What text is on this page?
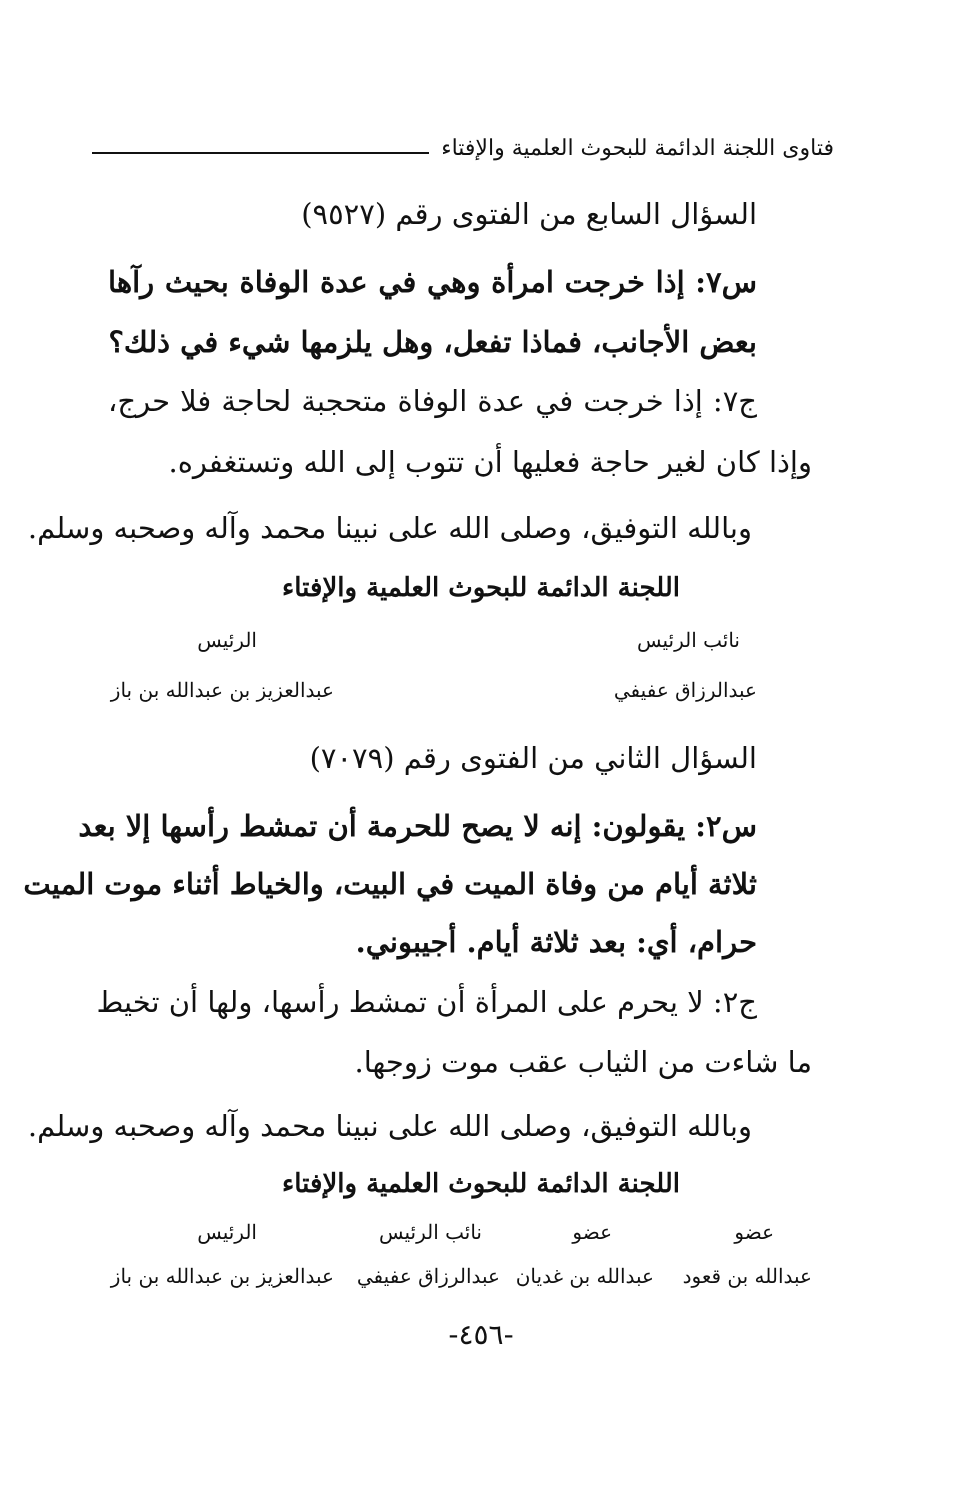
فتاوى اللجنة الدائمة للبحوث العلمية والإفتاء
السؤال السابع من الفتوى رقم (٩٥٢٧)
س٧: إذا خرجت امرأة وهي في عدة الوفاة بحيث رآها
بعض الأجانب، فماذا تفعل، وهل يلزمها شيء في ذلك؟
ج٧: إذا خرجت في عدة الوفاة متحجبة لحاجة فلا حرج،
وإذا كان لغير حاجة فعليها أن تتوب إلى الله وتستغفره.
وبالله التوفيق، وصلى الله على نبينا محمد وآله وصحبه وسلم.
اللجنة الدائمة للبحوث العلمية والإفتاء
نائب الرئيس
الرئيس
عبدالرزاق عفيفي
عبدالعزيز بن عبدالله بن باز
السؤال الثاني من الفتوى رقم (٧٠٧٩)
س٢: يقولون: إنه لا يصح للحرمة أن تمشط رأسها إلا بعد
ثلاثة أيام من وفاة الميت في البيت، والخياط أثناء موت الميت
حرام، أي: بعد ثلاثة أيام. أجيبوني.
ج٢: لا يحرم على المرأة أن تمشط رأسها، ولها أن تخيط
ما شاءت من الثياب عقب موت زوجها.
وبالله التوفيق، وصلى الله على نبينا محمد وآله وصحبه وسلم.
اللجنة الدائمة للبحوث العلمية والإفتاء
عضو
عضو
نائب الرئيس
الرئيس
عبدالله بن قعود
عبدالله بن غديان
عبدالرزاق عفيفي
عبدالعزيز بن عبدالله بن باز
-٤٥٦-
